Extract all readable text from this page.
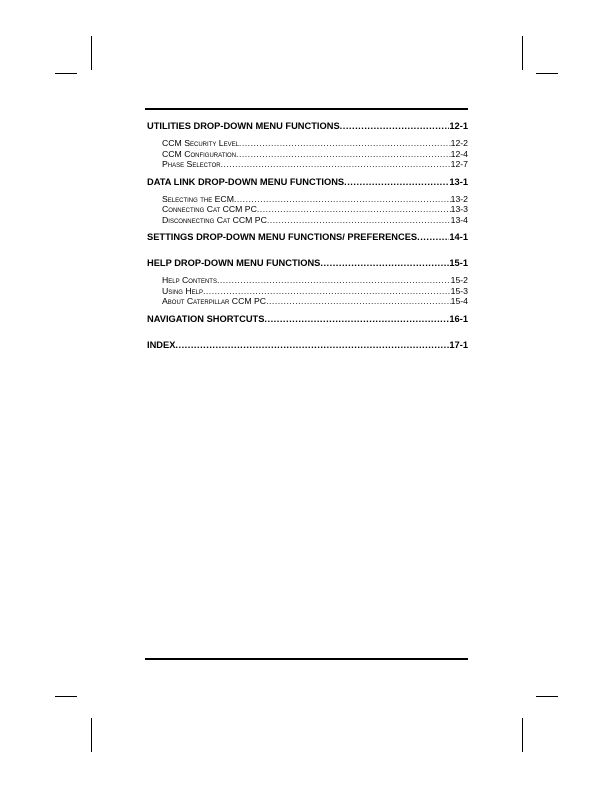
UTILITIES DROP-DOWN MENU FUNCTIONS .....	12-1
CCM Security Level .....	12-2
CCM Configuration .....	12-4
Phase Selector .....	12-7
DATA LINK DROP-DOWN MENU FUNCTIONS .....	13-1
Selecting the ECM .....	13-2
Connecting Cat CCM PC .....	13-3
Disconnecting Cat CCM PC .....	13-4
SETTINGS DROP-DOWN MENU FUNCTIONS/ PREFERENCES .....	14-1
HELP DROP-DOWN MENU FUNCTIONS .....	15-1
Help Contents .....	15-2
Using Help .....	15-3
About Caterpillar CCM PC .....	15-4
NAVIGATION SHORTCUTS .....	16-1
INDEX .....	17-1
